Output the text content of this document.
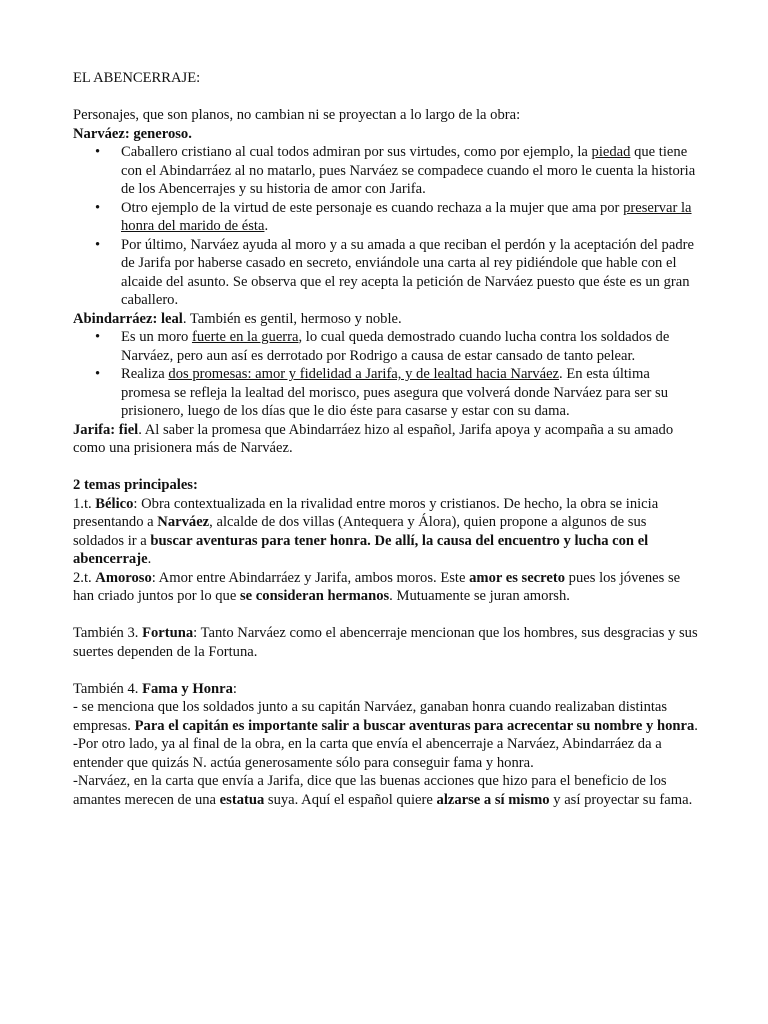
EL ABENCERRAJE:

Personajes, que son planos, no cambian ni se proyectan a lo largo de la obra:

Narváez: generoso.

•	Caballero cristiano al cual todos admiran por sus virtudes, como por ejemplo, la piedad que tiene con el Abindarráez al no matarlo, pues Narváez se compadece cuando el moro le cuenta la historia de los Abencerrajes y su historia de amor con Jarifa.
•	Otro ejemplo de la virtud de este personaje es cuando rechaza a la mujer que ama por preservar la honra del marido de ésta.
•	Por último, Narváez ayuda al moro y a su amada a que reciban el perdón y la aceptación del padre de Jarifa por haberse casado en secreto, enviándole una carta al rey pidiéndole que hable con el alcaide del asunto. Se observa que el rey acepta la petición de Narváez puesto que éste es un gran caballero.

Abindarráez: leal. También es gentil, hermoso y noble.

•	Es un moro fuerte en la guerra, lo cual queda demostrado cuando lucha contra los soldados de Narváez, pero aun así es derrotado por Rodrigo a causa de estar cansado de tanto pelear.
•	Realiza dos promesas: amor y fidelidad a Jarifa, y de lealtad hacia Narváez. En esta última promesa se refleja la lealtad del morisco, pues asegura que volverá donde Narváez para ser su prisionero, luego de los días que le dio éste para casarse y estar con su dama.

Jarifa: fiel. Al saber la promesa que Abindarráez hizo al español, Jarifa apoya y acompaña a su amado como una prisionera más de Narváez.

2 temas principales:

1.t. Bélico: Obra contextualizada en la rivalidad entre moros y cristianos. De hecho, la obra se inicia presentando a Narváez, alcalde de dos villas (Antequera y Álora), quien propone a algunos de sus soldados ir a buscar aventuras para tener honra. De allí, la causa del encuentro y lucha con el abencerraje.

2.t. Amoroso: Amor entre Abindarráez y Jarifa, ambos moros. Este amor es secreto pues los jóvenes se han criado juntos por lo que se consideran hermanos. Mutuamente se juran amorsh.

También 3. Fortuna: Tanto Narváez como el abencerraje mencionan que los hombres, sus desgracias y sus suertes dependen de la Fortuna.

También 4. Fama y Honra:

- se menciona que los soldados junto a su capitán Narváez, ganaban honra cuando realizaban distintas empresas. Para el capitán es importante salir a buscar aventuras para acrecentar su nombre y honra.

-Por otro lado, ya al final de la obra, en la carta que envía el abencerraje a Narváez, Abindarráez da a entender que quizás N. actúa generosamente sólo para conseguir fama y honra.

-Narváez, en la carta que envía a Jarifa, dice que las buenas acciones que hizo para el beneficio de los amantes merecen de una estatua suya. Aquí el español quiere alzarse a sí mismo y así proyectar su fama.
